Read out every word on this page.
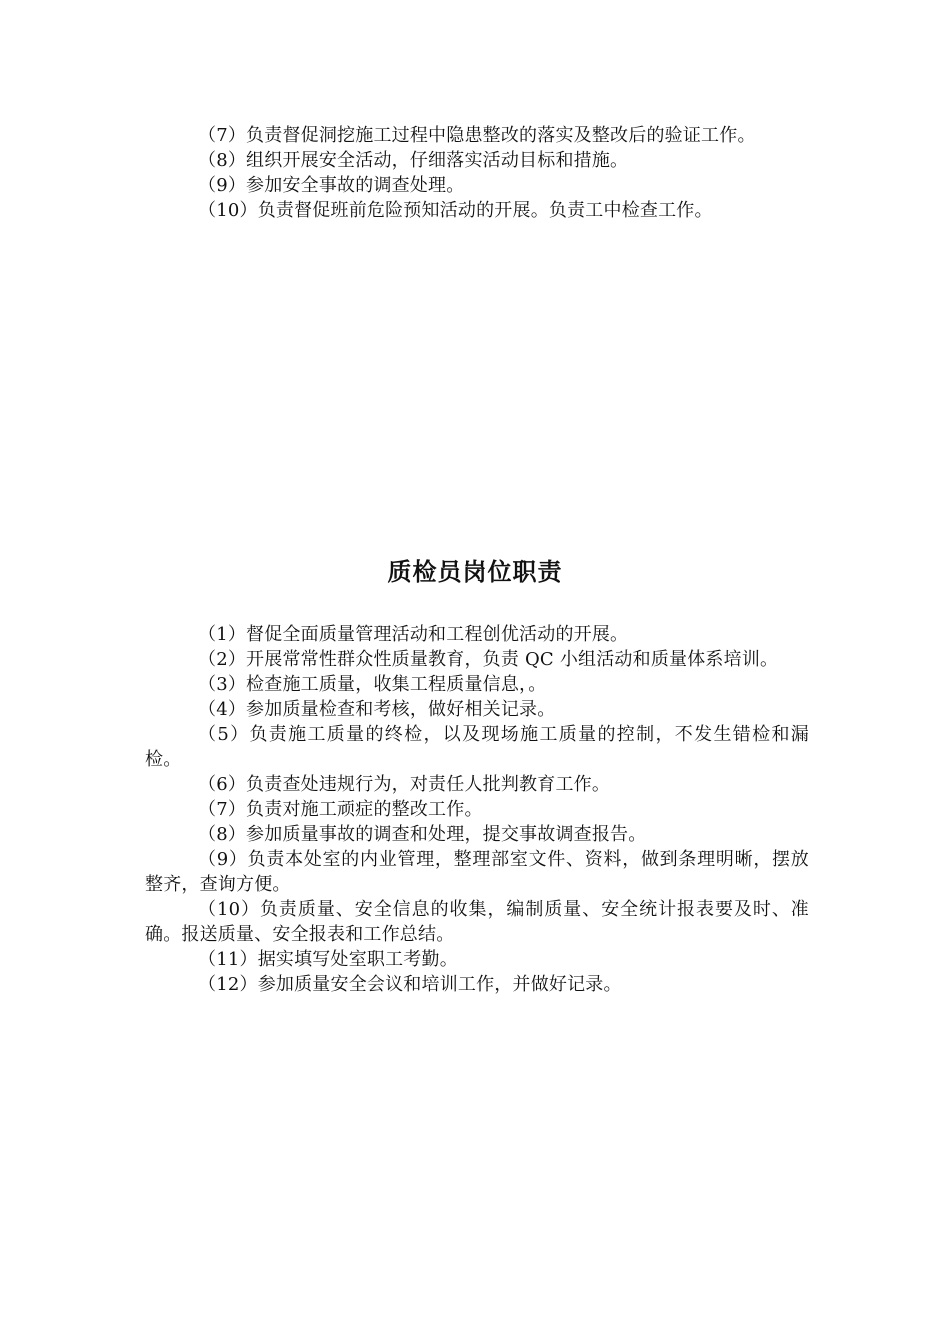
（7）负责督促洞挖施工过程中隐患整改的落实及整改后的验证工作。

（8）组织开展安全活动，仔细落实活动目标和措施。

（9）参加安全事故的调查处理。

（10）负责督促班前危险预知活动的开展。负责工中检查工作。

质检员岗位职责

（1）督促全面质量管理活动和工程创优活动的开展。

（2）开展常常性群众性质量教育，负责 QC 小组活动和质量体系培训。

（3）检查施工质量，收集工程质量信息，。

（4）参加质量检查和考核，做好相关记录。

（5）负责施工质量的终检，以及现场施工质量的控制，不发生错检和漏检。

（6）负责查处违规行为，对责任人批判教育工作。

（7）负责对施工顽症的整改工作。

（8）参加质量事故的调查和处理，提交事故调查报告。

（9）负责本处室的内业管理，整理部室文件、资料，做到条理明晰，摆放整齐，查询方便。

（10）负责质量、安全信息的收集，编制质量、安全统计报表要及时、准确。报送质量、安全报表和工作总结。

（11）据实填写处室职工考勤。

（12）参加质量安全会议和培训工作，并做好记录。
